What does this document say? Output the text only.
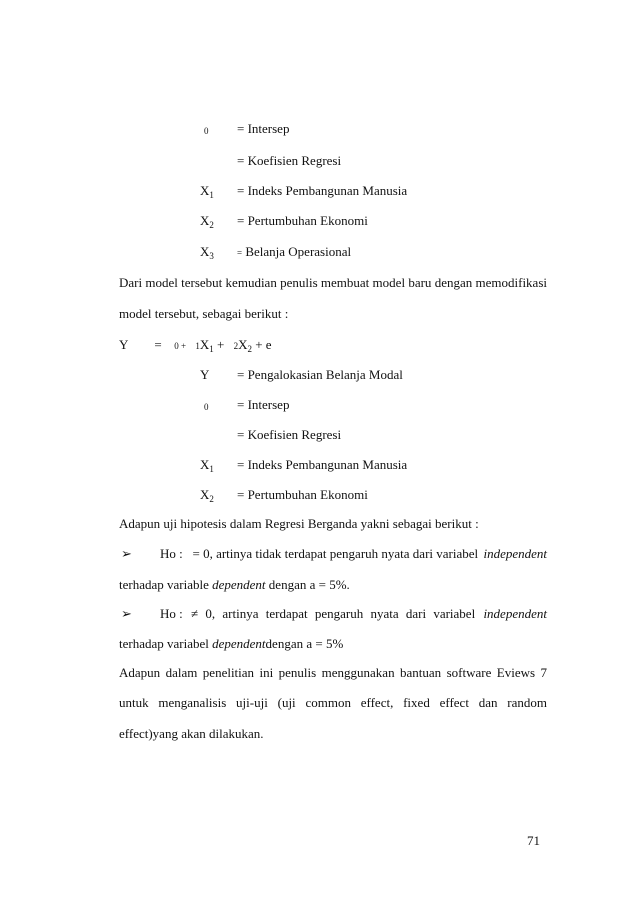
0 = Intersep
= Koefisien Regresi
$X_1$ = Indeks Pembangunan Manusia
$X_2$ = Pertumbuhan Ekonomi
$X_3$	= Belanja Operasional
Dari model tersebut kemudian penulis membuat model baru dengan memodifikasi
model tersebut, sebagai berikut :
$Y = 0 + 1X_1 + 2X_2 + e$
Y = Pengalokasian Belanja Modal
0 = Intersep
= Koefisien Regresi
$X_1$ = Indeks Pembangunan Manusia
$X_2$ = Pertumbuhan Ekonomi
Adapun uji hipotesis dalam Regresi Berganda yakni sebagai berikut :
➢ Ho : = 0, artinya tidak terdapat pengaruh nyata dari variabel independent
terhadap variable dependent dengan a = 5%.
➢ Ho : ≠ 0, artinya terdapat pengaruh nyata dari variabel independent
terhadap variabel dependentdengan a = 5%
Adapun dalam penelitian ini penulis menggunakan bantuan software Eviews 7
untuk menganalisis uji-uji (uji common effect, fixed effect dan random
effect)yang akan dilakukan.
71
